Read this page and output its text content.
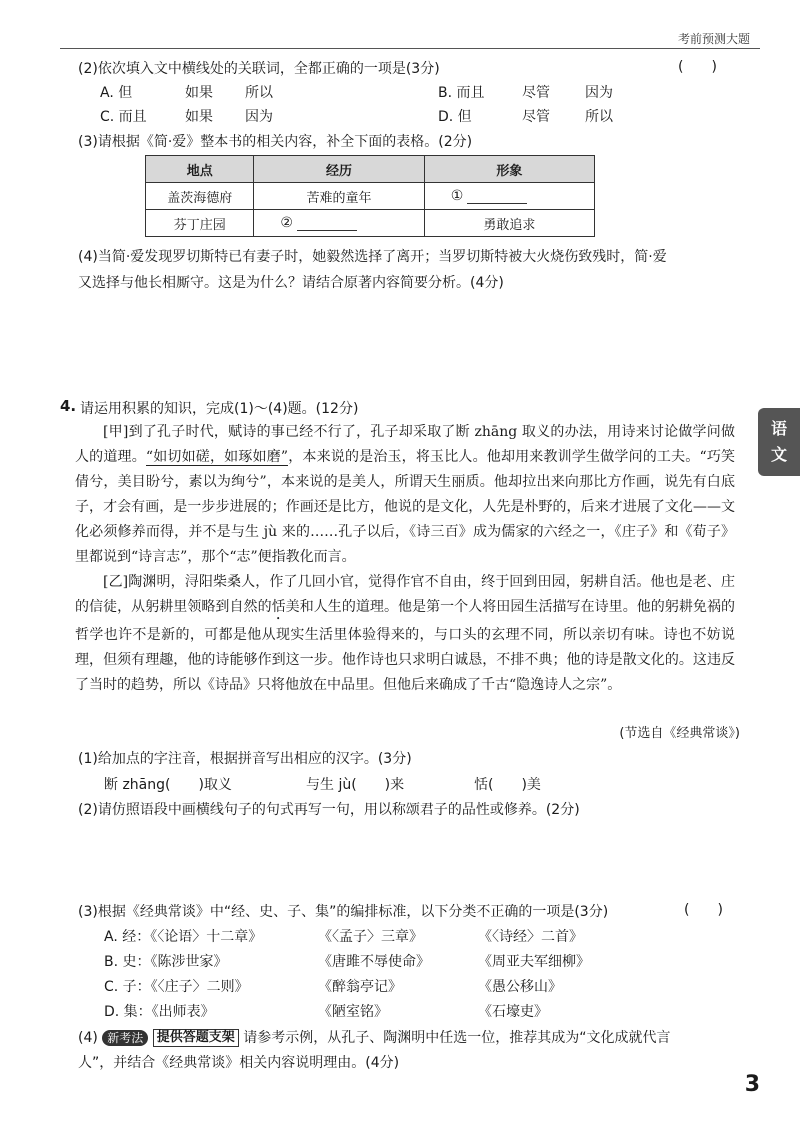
考前预测大题
(2)依次填入文中横线处的关联词，全都正确的一项是(3分)	(　　)
A. 但	如果 所以	B. 而且	尽管	因为
C. 而且	如果 因为	D. 但	尽管	所以
(3)请根据《简·爱》整本书的相关内容，补全下面的表格。(2分)
地点	经历	形象
盖茨海德府	苦难的童年	①
芬丁庄园	②	勇敢追求
(4)当简·爱发现罗切斯特已有妻子时，她毅然选择了离开；当罗切斯特被大火烧伤致残时，简·爱
又选择与他长相厮守。这是为什么？请结合原著内容简要分析。(4分)
4. 请运用积累的知识，完成(1)～(4)题。(12分)
语
文

[甲]到了孔子时代，赋诗的事已经不行了，孔子却采取了断 zhāng 取义的办法，用诗来讨论做学问做人的道理。“如切如磋，如琢如磨”，本来说的是治玉，将玉比人。他却用来教训学生做学问的工夫。“巧笑倩兮，美目盼兮，素以为绚兮”，本来说的是美人，所谓天生丽质。他却拉出来向那比方作画，说先有白底子，才会有画，是一步步进展的；作画还是比方，他说的是文化，人先是朴野的，后来才进展了文化——文化必须修养而得，并不是与生 jù 来的……孔子以后，《诗三百》成为儒家的六经之一，《庄子》和《荀子》里都说到“诗言志”，那个“志”便指教化而言。

[乙]陶渊明，浔阳柴桑人，作了几回小官，觉得作官不自由，终于回到田园，躬耕自活。他也是老、庄的信徒，从躬耕里领略到自然的恬美和人生的道理。他是第一个人将田园生活描写在诗里。他的躬耕免祸的哲学也许不是新的，可都是他从现实生活里体验得来的，与口头的玄理不同，所以亲切有味。诗也不妨说理，但须有理趣，他的诗能够作到这一步。他作诗也只求明白诚恳，不排不典；他的诗是散文化的。这违反了当时的趋势，所以《诗品》只将他放在中品里。但他后来确成了千古“隐逸诗人之宗”。

(节选自《经典常谈》)
(1)给加点的字注音，根据拼音写出相应的汉字。(3分)
断 zhāng(　　)取义	与生 jù(　　)来	恬(　　)美
(2)请仿照语段中画横线句子的句式再写一句，用以称颂君子的品性或修养。(2分)
(3)根据《经典常谈》中“经、史、子、集”的编排标准，以下分类不正确的一项是(3分)	(　　)
A. 经：《〈论语〉十二章》	《〈孟子〉三章》	《〈诗经〉二首》
B. 史：《陈涉世家》	《唐雎不辱使命》	《周亚夫军细柳》
C. 子：《〈庄子〉二则》	《醉翁亭记》	《愚公移山》
D. 集：《出师表》	《陋室铭》	《石壕吏》
(4) 新考法 提供答题支架 请参考示例，从孔子、陶渊明中任选一位，推荐其成为“文化成就代言
人”，并结合《经典常谈》相关内容说明理由。(4分)
3
